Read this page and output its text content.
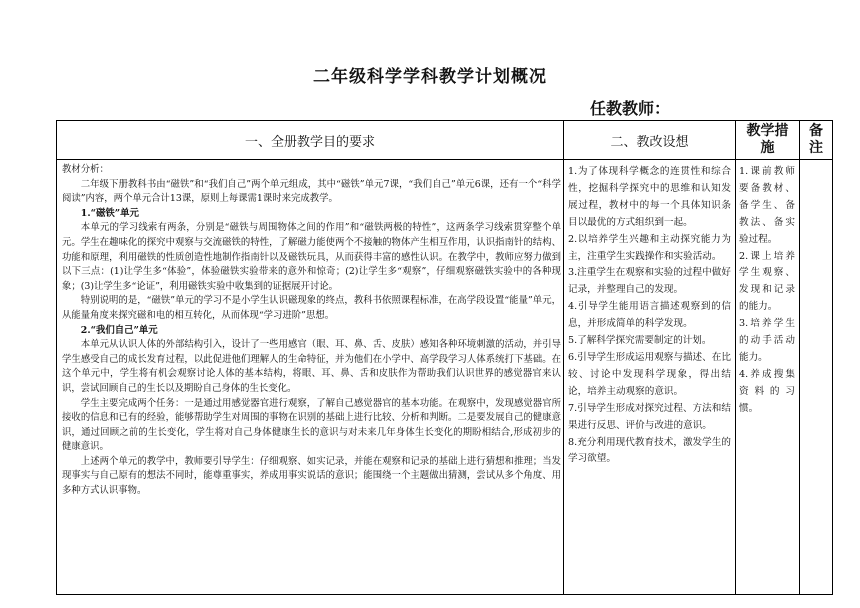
二年级科学学科教学计划概况
任教教师：
一、全册教学目的要求	二、教改设想
教学措施
备注

教材分析：

二年级下册教科书由“磁铁”和“我们自己”两个单元组成，其中“磁铁”单元7课，“我们自己”单元6课，还有一个“科学阅读”内容，两个单元合计13课，原则上每课需1课时来完成教学。

1.“磁铁”单元

本单元的学习线索有两条，分别是“磁铁与周围物体之间的作用”和“磁铁两极的特性”，这两条学习线索贯穿整个单元。学生在趣味化的探究中观察与交流磁铁的特性，了解磁力能使两个不接触的物体产生相互作用，认识指南针的结构、功能和原理，利用磁铁的性质创造性地制作指南针以及磁铁玩具，从而获得丰富的感性认识。在教学中，教师应努力做到以下三点：(1)让学生多“体验”，体验磁铁实验带来的意外和惊奇；(2)让学生多“观察”，仔细观察磁铁实验中的各种现象；(3)让学生多“论证”，利用磁铁实验中收集到的证据展开讨论。

特别说明的是，“磁铁”单元的学习不是小学生认识磁现象的终点，教科书依照课程标准，在高学段设置“能量”单元，从能量角度来探究磁和电的相互转化，从而体现“学习进阶”思想。

2.“我们自己”单元

本单元从认识人体的外部结构引入，设计了一些用感官（眼、耳、鼻、舌、皮肤）感知各种环境刺激的活动，并引导学生感受自己的成长发育过程，以此促进他们理解人的生命特征，并为他们在小学中、高学段学习人体系统打下基础。在这个单元中，学生将有机会观察讨论人体的基本结构，将眼、耳、鼻、舌和皮肤作为帮助我们认识世界的感觉器官来认识，尝试回顾自己的生长以及期盼自己身体的生长变化。

学生主要完成两个任务：一是通过用感觉器官进行观察，了解自己感觉器官的基本功能。在观察中，发现感觉器官所接收的信息和已有的经验，能够帮助学生对周围的事物在识别的基础上进行比较、分析和判断。二是要发展自己的健康意识，通过回顾之前的生长变化，学生将对自己身体健康生长的意识与对未来几年身体生长变化的期盼相结合,形成初步的健康意识。

上述两个单元的教学中，教师要引导学生：仔细观察、如实记录，并能在观察和记录的基础上进行猜想和推理；当发现事实与自己原有的想法不同时，能尊重事实，养成用事实说话的意识；能围绕一个主题做出猜测，尝试从多个角度、用多种方式认识事物。

1.为了体现科学概念的连贯性和综合性，挖掘科学探究中的思维和认知发展过程，教材中的每一个具体知识条目以最优的方式组织到一起。

2.以培养学生兴趣和主动探究能力为主，注重学生实践操作和实验活动。

3.注重学生在观察和实验的过程中做好记录，并整理自己的发现。

4.引导学生能用语言描述观察到的信息，并形成简单的科学发现。

5.了解科学探究需要制定的计划。

6.引导学生形成运用观察与描述、在比较、讨论中发现科学现象，得出结论，培养主动观察的意识。

7.引导学生形成对探究过程、方法和结果进行反思、评价与改进的意识。

8.充分利用现代教育技术，激发学生的学习欲望。

1.课前教师要备教材、备学生、备教法、备实验过程。

2.课上培养学生观察、发现和记录的能力。

3.培养学生的动手活动能力。

4.养成搜集资料的习惯。
